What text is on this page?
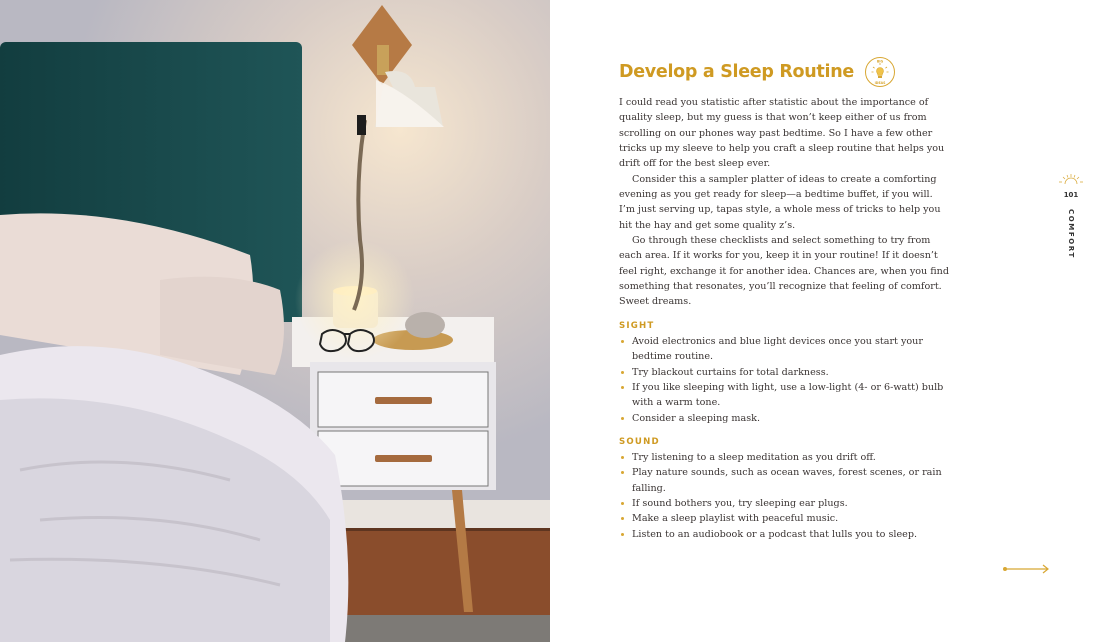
Develop a Sleep Routine
BIG
IDEAS

I could read you statistic after statistic about the importance of quality sleep, but my guess is that won’t keep either of us from scrolling on our phones way past bedtime. So I have a few other tricks up my sleeve to help you craft a sleep routine that helps you drift off for the best sleep ever.

Consider this a sampler platter of ideas to create a comforting evening as you get ready for sleep—a bedtime buffet, if you will. I’m just serving up, tapas style, a whole mess of tricks to help you hit the hay and get some quality z’s.

Go through these checklists and select something to try from each area. If it works for you, keep it in your routine! If it doesn’t feel right, exchange it for another idea. Chances are, when you find something that resonates, you’ll recognize that feeling of comfort. Sweet dreams.

SIGHT
Avoid electronics and blue light devices once you start your bedtime routine.
Try blackout curtains for total darkness.
If you like sleeping with light, use a low-light (4- or 6-watt) bulb with a warm tone.
Consider a sleeping mask.
SOUND
Try listening to a sleep meditation as you drift off.
Play nature sounds, such as ocean waves, forest scenes, or rain falling.
If sound bothers you, try sleeping ear plugs.
Make a sleep playlist with peaceful music.
Listen to an audiobook or a podcast that lulls you to sleep.
101
COMFORT
